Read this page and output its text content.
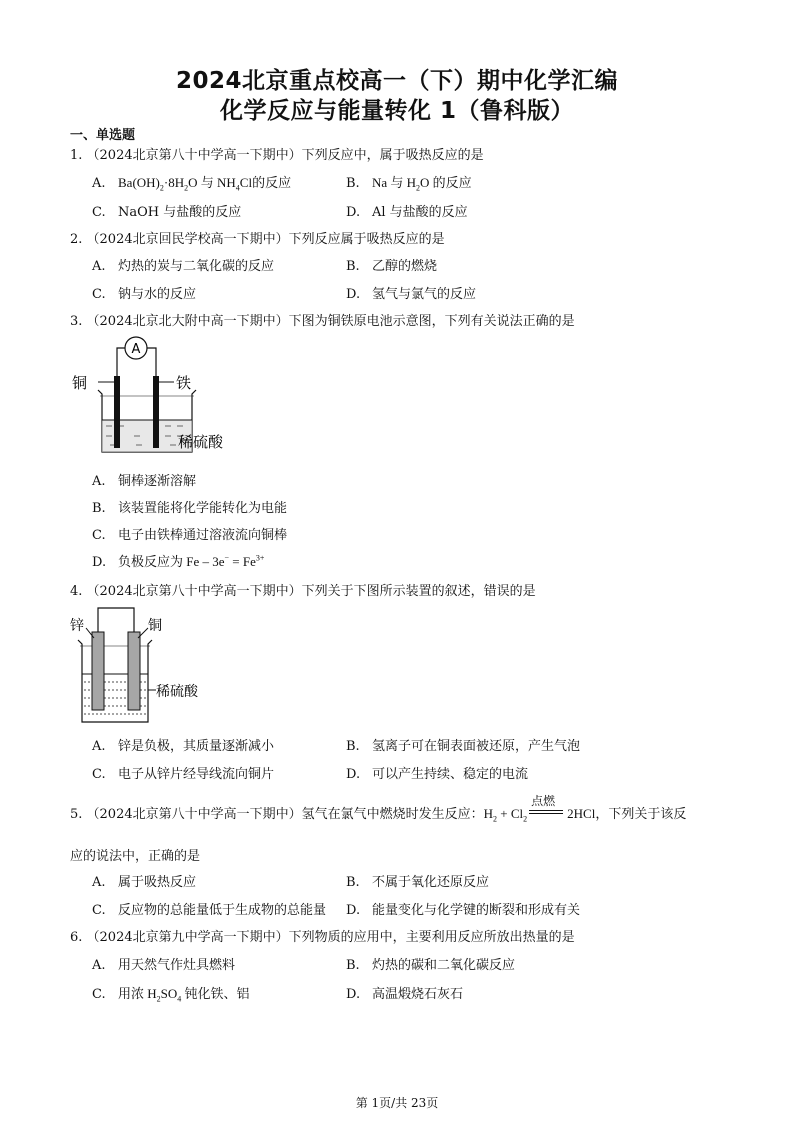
2024北京重点校高一（下）期中化学汇编
化学反应与能量转化 1（鲁科版）
一、单选题
1. （2024北京第八十中学高一下期中）下列反应中，属于吸热反应的是
A. $Ba(OH)_2\cdot 8H_2O$ 与 $NH_4Cl$的反应	B. Na 与 $H_2O$ 的反应
C. NaOH 与盐酸的反应	D. Al 与盐酸的反应
2. （2024北京回民学校高一下期中）下列反应属于吸热反应的是
A. 灼热的炭与二氧化碳的反应	B. 乙醇的燃烧
C. 钠与水的反应	D. 氢气与氯气的反应
3. （2024北京北大附中高一下期中）下图为铜铁原电池示意图，下列有关说法正确的是
A
铜	铁
稀硫酸
A. 铜棒逐渐溶解
B. 该装置能将化学能转化为电能
C. 电子由铁棒通过溶液流向铜棒
D. 负极反应为 $Fe - 3e^- = Fe^{3+}$
4. （2024北京第八十中学高一下期中）下列关于下图所示装置的叙述，错误的是
锌	铜
稀硫酸
A. 锌是负极，其质量逐渐减小	B. 氢离子可在铜表面被还原，产生气泡
C. 电子从锌片经导线流向铜片	D. 可以产生持续、稳定的电流
5. （2024北京第八十中学高一下期中）氢气在氯气中燃烧时发生反应：$H_2 + Cl_2$
点燃
2HCl，下列关于该反
应的说法中，正确的是
A. 属于吸热反应	B. 不属于氧化还原反应
C. 反应物的总能量低于生成物的总能量 D. 能量变化与化学键的断裂和形成有关
6. （2024北京第九中学高一下期中）下列物质的应用中，主要利用反应所放出热量的是
A. 用天然气作灶具燃料	B. 灼热的碳和二氧化碳反应
C. 用浓 $H_2SO_4$ 钝化铁、铝	D. 高温煅烧石灰石
第 1页/共 23页
